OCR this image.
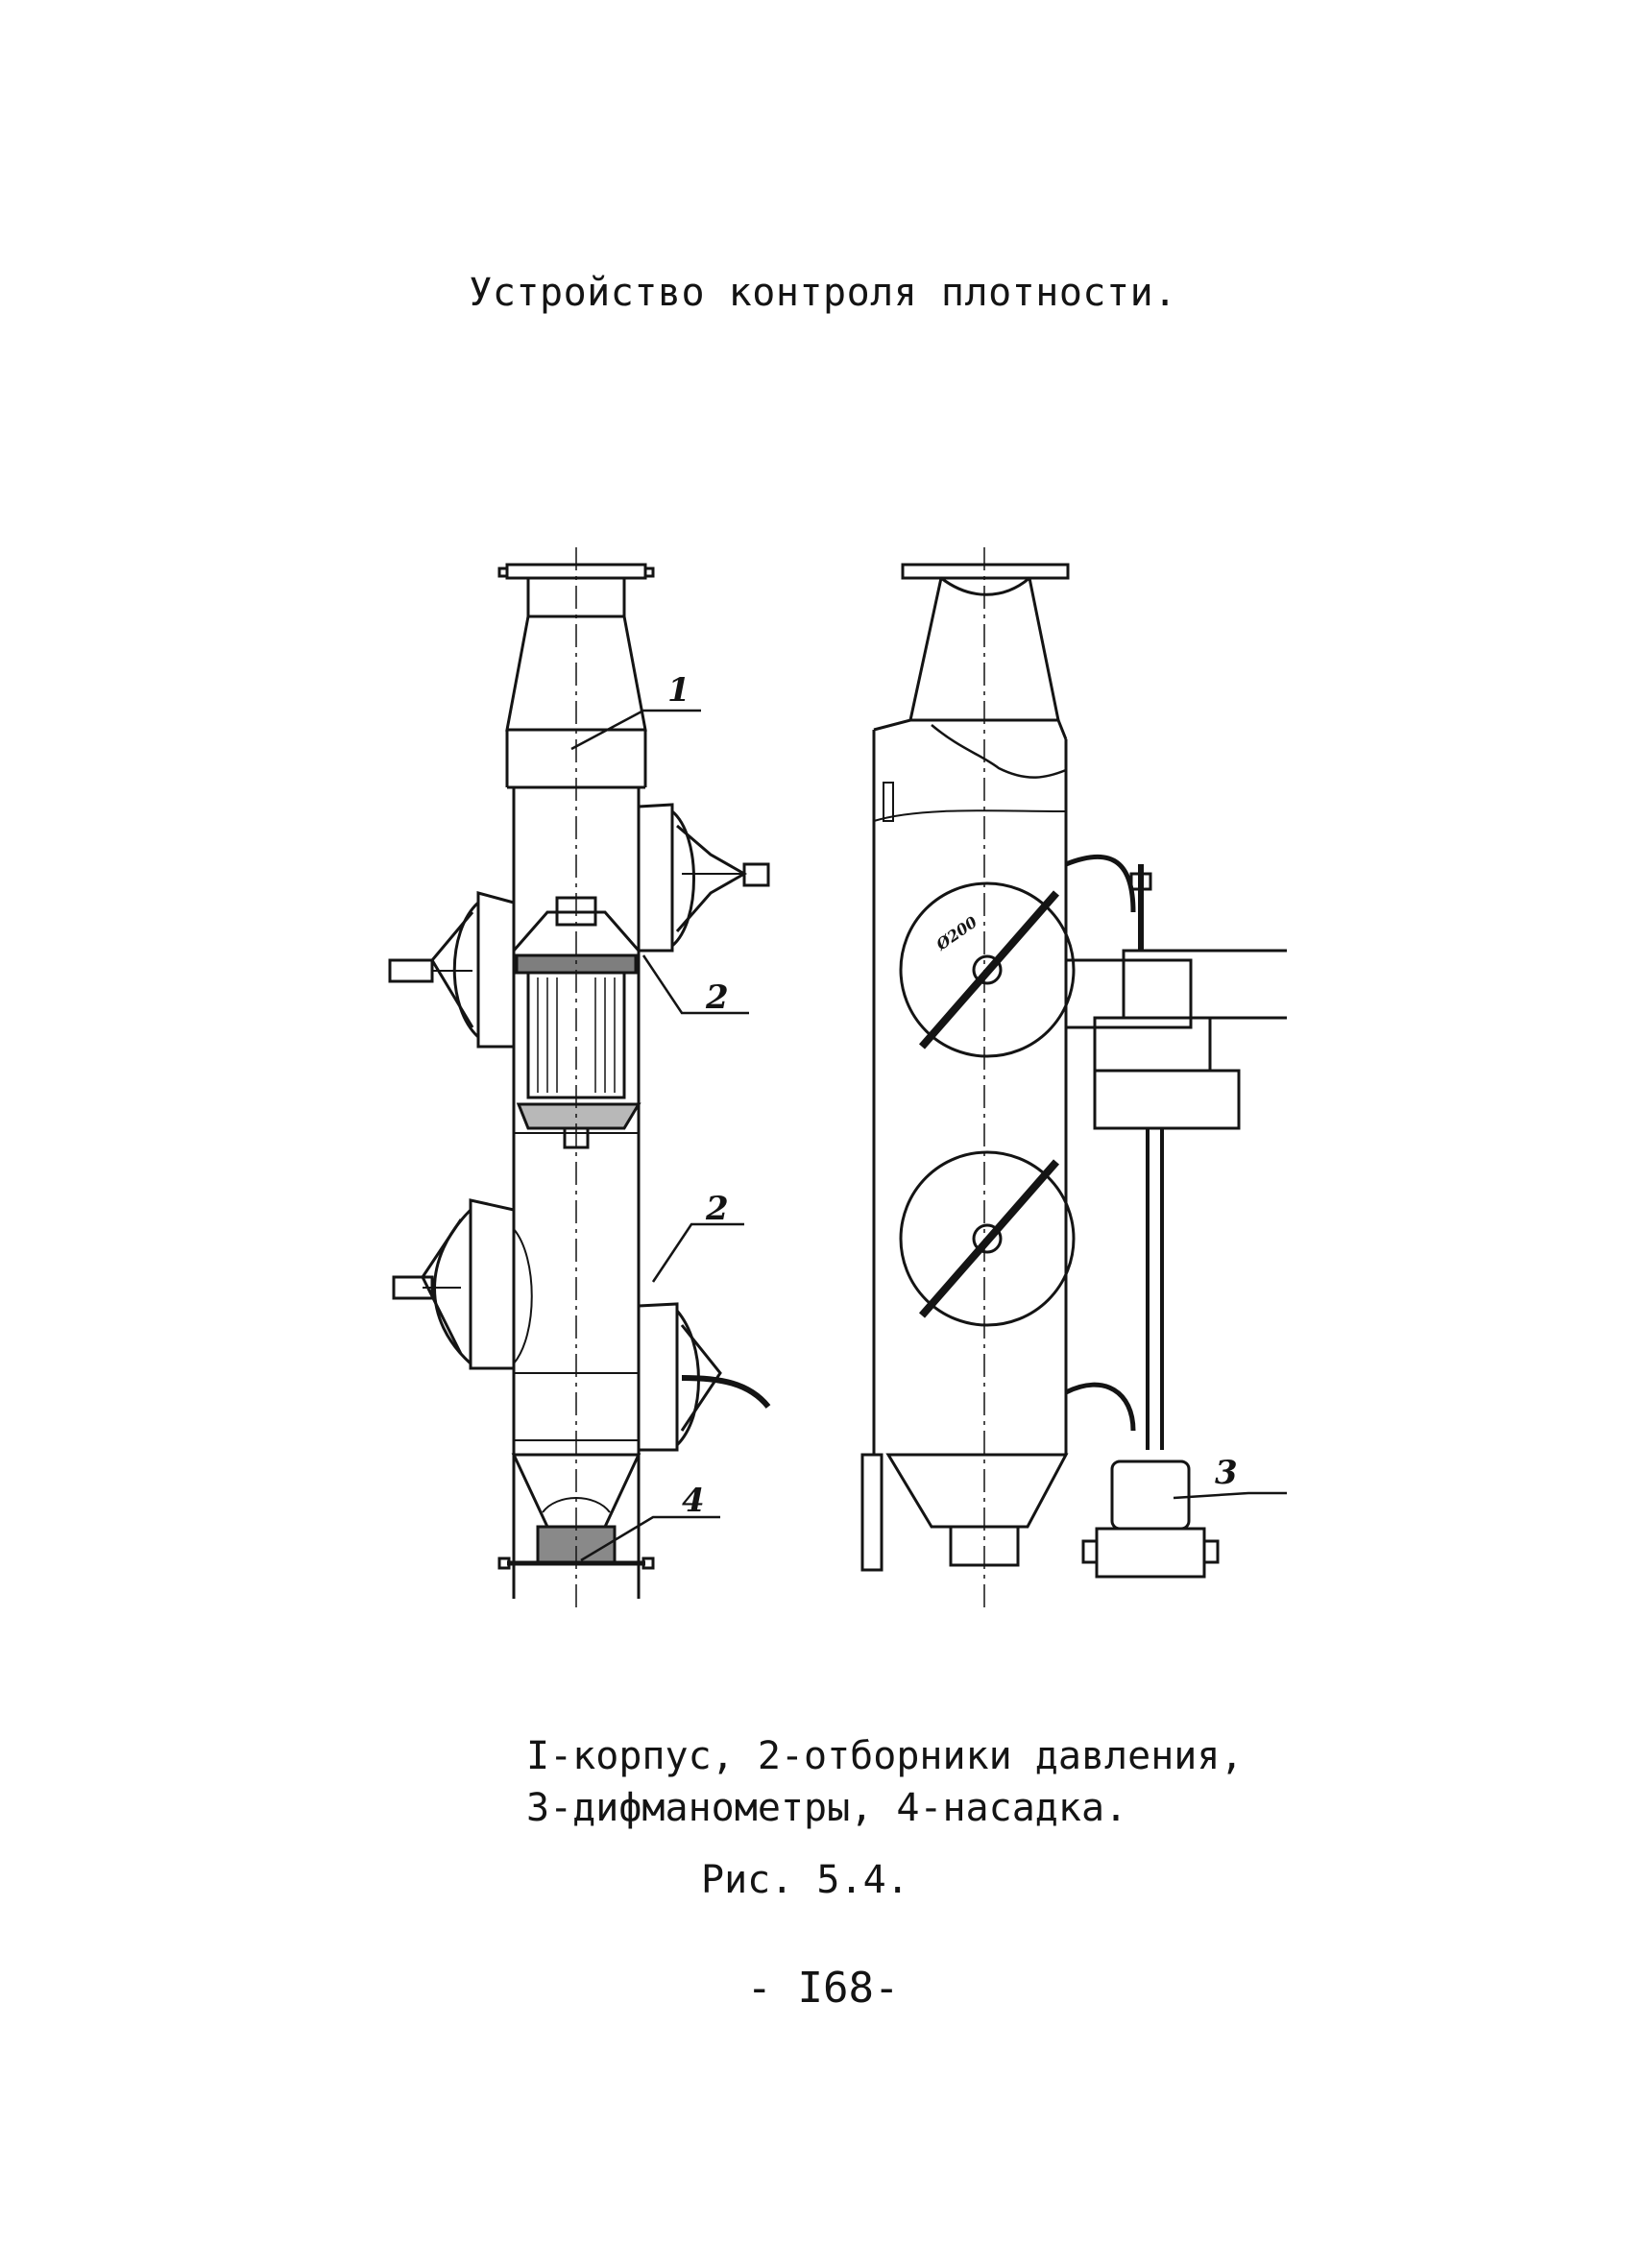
Устройство контроля плотности.
1
2
2
4
3
Ø200
I-корпус, 2-отборники давления,
3-дифманометры, 4-насадка.
Рис. 5.4.
- I68-
